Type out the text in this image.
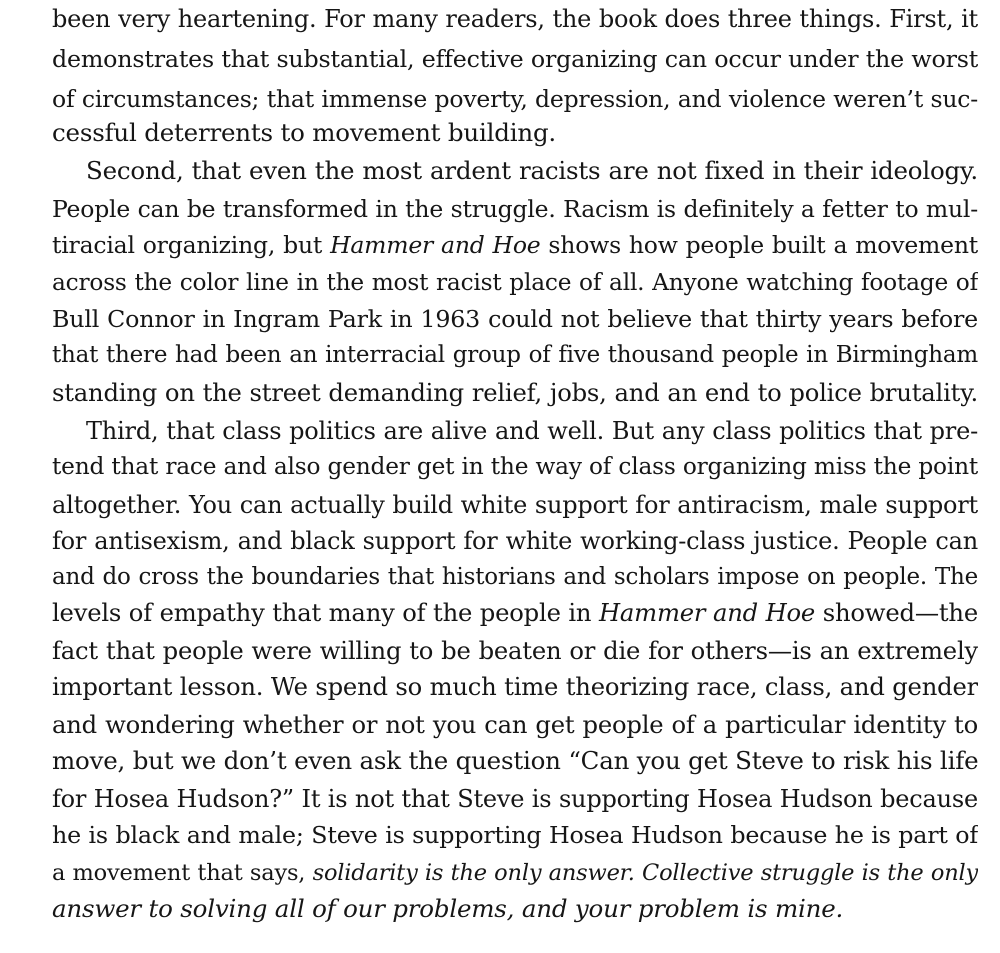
been very heartening. For many readers, the book does three things. First, it

demonstrates that substantial, effective organizing can occur under the worst

of circumstances; that immense poverty, depression, and violence weren’t suc-

cessful deterrents to movement building.

Second, that even the most ardent racists are not fixed in their ideology.

People can be transformed in the struggle. Racism is definitely a fetter to mul-

tiracial organizing, but Hammer and Hoe shows how people built a movement

across the color line in the most racist place of all. Anyone watching footage of

Bull Connor in Ingram Park in 1963 could not believe that thirty years before

that there had been an interracial group of five thousand people in Birmingham

standing on the street demanding relief, jobs, and an end to police brutality.

Third, that class politics are alive and well. But any class politics that pre-

tend that race and also gender get in the way of class organizing miss the point

altogether. You can actually build white support for antiracism, male support

for antisexism, and black support for white working-class justice. People can

and do cross the boundaries that historians and scholars impose on people. The

levels of empathy that many of the people in Hammer and Hoe showed—the

fact that people were willing to be beaten or die for others—is an extremely

important lesson. We spend so much time theorizing race, class, and gender

and wondering whether or not you can get people of a particular identity to

move, but we don’t even ask the question “Can you get Steve to risk his life

for Hosea Hudson?” It is not that Steve is supporting Hosea Hudson because

he is black and male; Steve is supporting Hosea Hudson because he is part of

a movement that says, solidarity is the only answer. Collective struggle is the only

answer to solving all of our problems, and your problem is mine.
